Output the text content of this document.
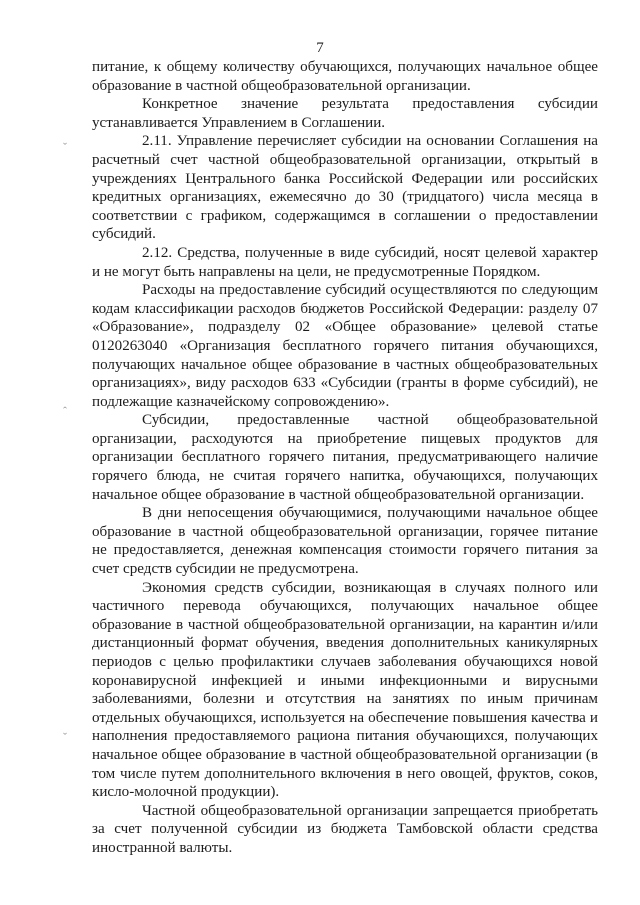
7
ˇ
ˆ
ˇ

питание, к общему количеству обучающихся, получающих начальное общее образование в частной общеобразовательной организации.

Конкретное значение результата предоставления субсидии устанавливается Управлением в Соглашении.

2.11. Управление перечисляет субсидии на основании Соглашения на расчетный счет частной общеобразовательной организации, открытый в учреждениях Центрального банка Российской Федерации или российских кредитных организациях, ежемесячно до 30 (тридцатого) числа месяца в соответствии с графиком, содержащимся в соглашении о предоставлении субсидий.

2.12. Средства, полученные в виде субсидий, носят целевой характер и не могут быть направлены на цели, не предусмотренные Порядком.

Расходы на предоставление субсидий осуществляются по следующим кодам классификации расходов бюджетов Российской Федерации: разделу 07 «Образование», подразделу 02 «Общее образование» целевой статье 0120263040 «Организация бесплатного горячего питания обучающихся, получающих начальное общее образование в частных общеобразовательных организациях», виду расходов 633 «Субсидии (гранты в форме субсидий), не подлежащие казначейскому сопровождению».

Субсидии, предоставленные частной общеобразовательной организации, расходуются на приобретение пищевых продуктов для организации бесплатного горячего питания, предусматривающего наличие горячего блюда, не считая горячего напитка, обучающихся, получающих начальное общее образование в частной общеобразовательной организации.

В дни непосещения обучающимися, получающими начальное общее образование в частной общеобразовательной организации, горячее питание не предоставляется, денежная компенсация стоимости горячего питания за счет средств субсидии не предусмотрена.

Экономия средств субсидии, возникающая в случаях полного или частичного перевода обучающихся, получающих начальное общее образование в частной общеобразовательной организации, на карантин и/или дистанционный формат обучения, введения дополнительных каникулярных периодов с целью профилактики случаев заболевания обучающихся новой коронавирусной инфекцией и иными инфекционными и вирусными заболеваниями, болезни и отсутствия на занятиях по иным причинам отдельных обучающихся, используется на обеспечение повышения качества и наполнения предоставляемого рациона питания обучающихся, получающих начальное общее образование в частной общеобразовательной организации (в том числе путем дополнительного включения в него овощей, фруктов, соков, кисло-молочной продукции).

Частной общеобразовательной организации запрещается приобретать за счет полученной субсидии из бюджета Тамбовской области средства иностранной валюты.
